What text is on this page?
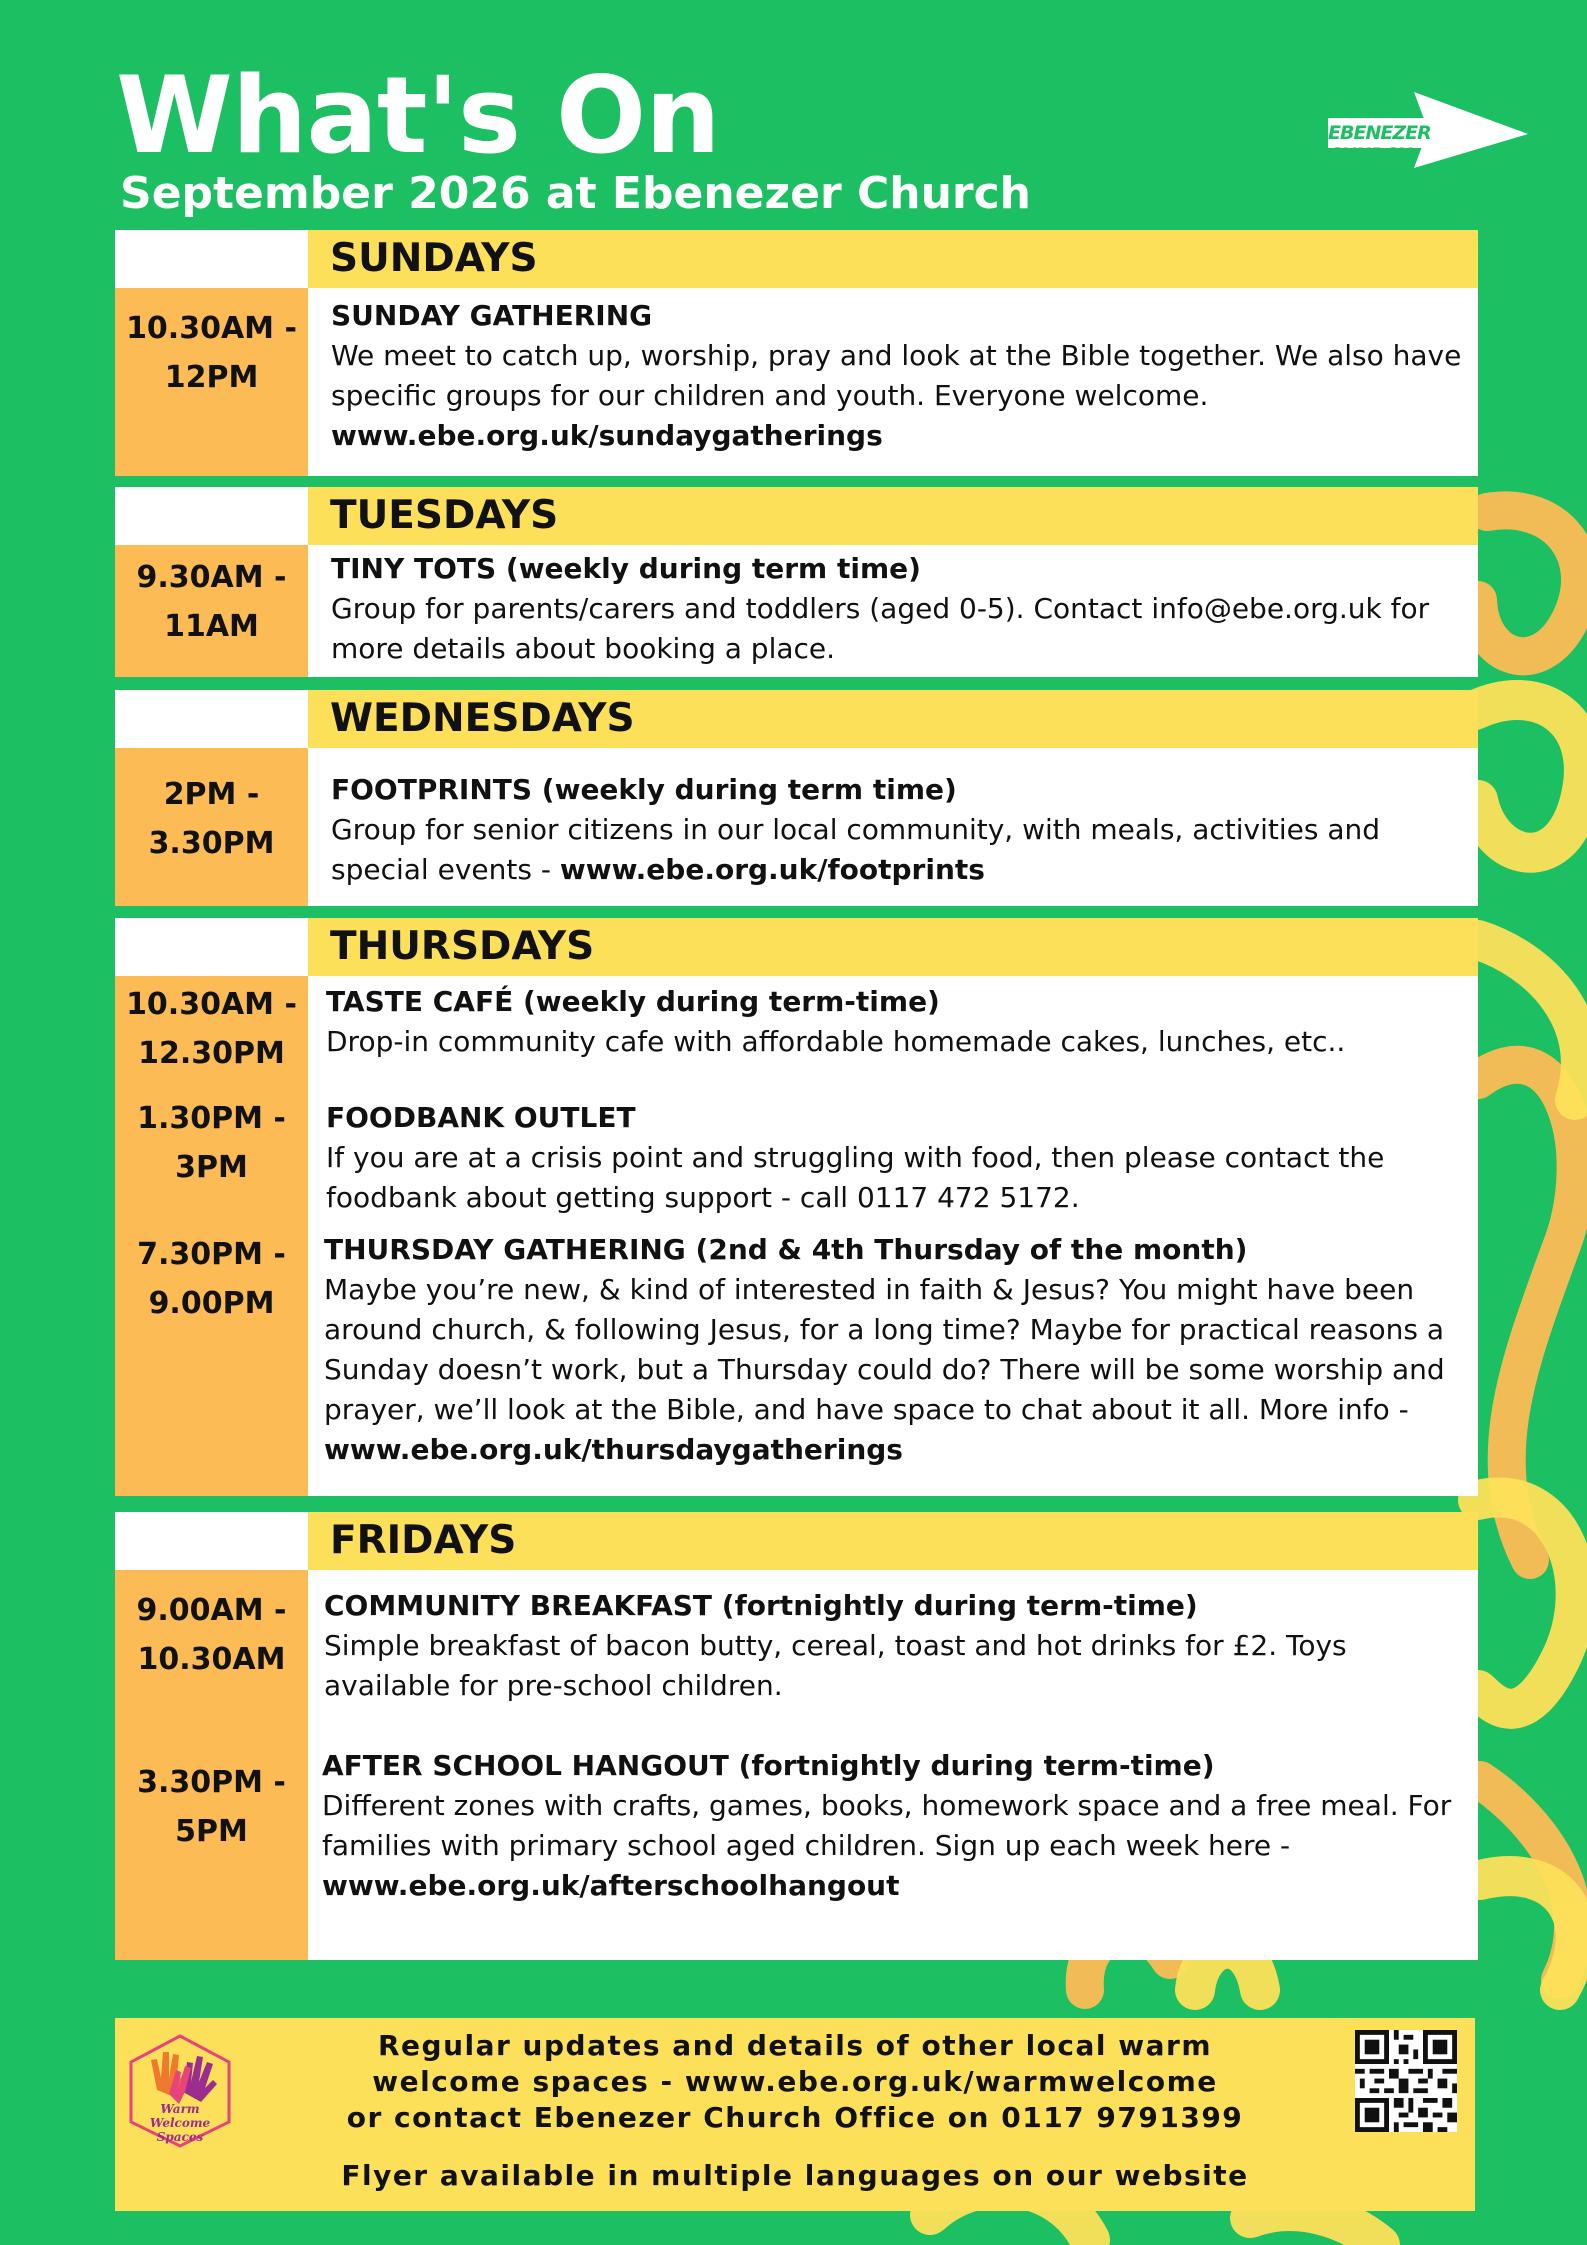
What's On
September 2026 at Ebenezer Church
EBENEZER CHURCH
SUNDAYS
10.30AM - 12PM
SUNDAY GATHERING
We meet to catch up, worship, pray and look at the Bible together. We also have specific groups for our children and youth. Everyone welcome.
www.ebe.org.uk/sundaygatherings
TUESDAYS
9.30AM - 11AM
TINY TOTS (weekly during term time)
Group for parents/carers and toddlers (aged 0-5). Contact info@ebe.org.uk for more details about booking a place.
WEDNESDAYS
2PM - 3.30PM
FOOTPRINTS (weekly during term time)
Group for senior citizens in our local community, with meals, activities and special events - www.ebe.org.uk/footprints
THURSDAYS
10.30AM - 12.30PM
1.30PM - 3PM
7.30PM - 9.00PM
TASTE CAFÉ (weekly during term-time)
Drop-in community cafe with affordable homemade cakes, lunches, etc..
FOODBANK OUTLET
If you are at a crisis point and struggling with food, then please contact the foodbank about getting support - call 0117 472 5172.
THURSDAY GATHERING (2nd & 4th Thursday of the month)
Maybe you’re new, & kind of interested in faith & Jesus? You might have been around church, & following Jesus, for a long time? Maybe for practical reasons a Sunday doesn’t work, but a Thursday could do? There will be some worship and prayer, we’ll look at the Bible, and have space to chat about it all. More info - www.ebe.org.uk/thursdaygatherings
FRIDAYS
9.00AM - 10.30AM
3.30PM - 5PM
COMMUNITY BREAKFAST (fortnightly during term-time)
Simple breakfast of bacon butty, cereal, toast and hot drinks for £2. Toys available for pre-school children.
AFTER SCHOOL HANGOUT (fortnightly during term-time)
Different zones with crafts, games, books, homework space and a free meal. For families with primary school aged children. Sign up each week here - www.ebe.org.uk/afterschoolhangout
Warm Welcome Spaces
Regular updates and details of other local warm
welcome spaces - www.ebe.org.uk/warmwelcome
or contact Ebenezer Church Office on 0117 9791399
Flyer available in multiple languages on our website
